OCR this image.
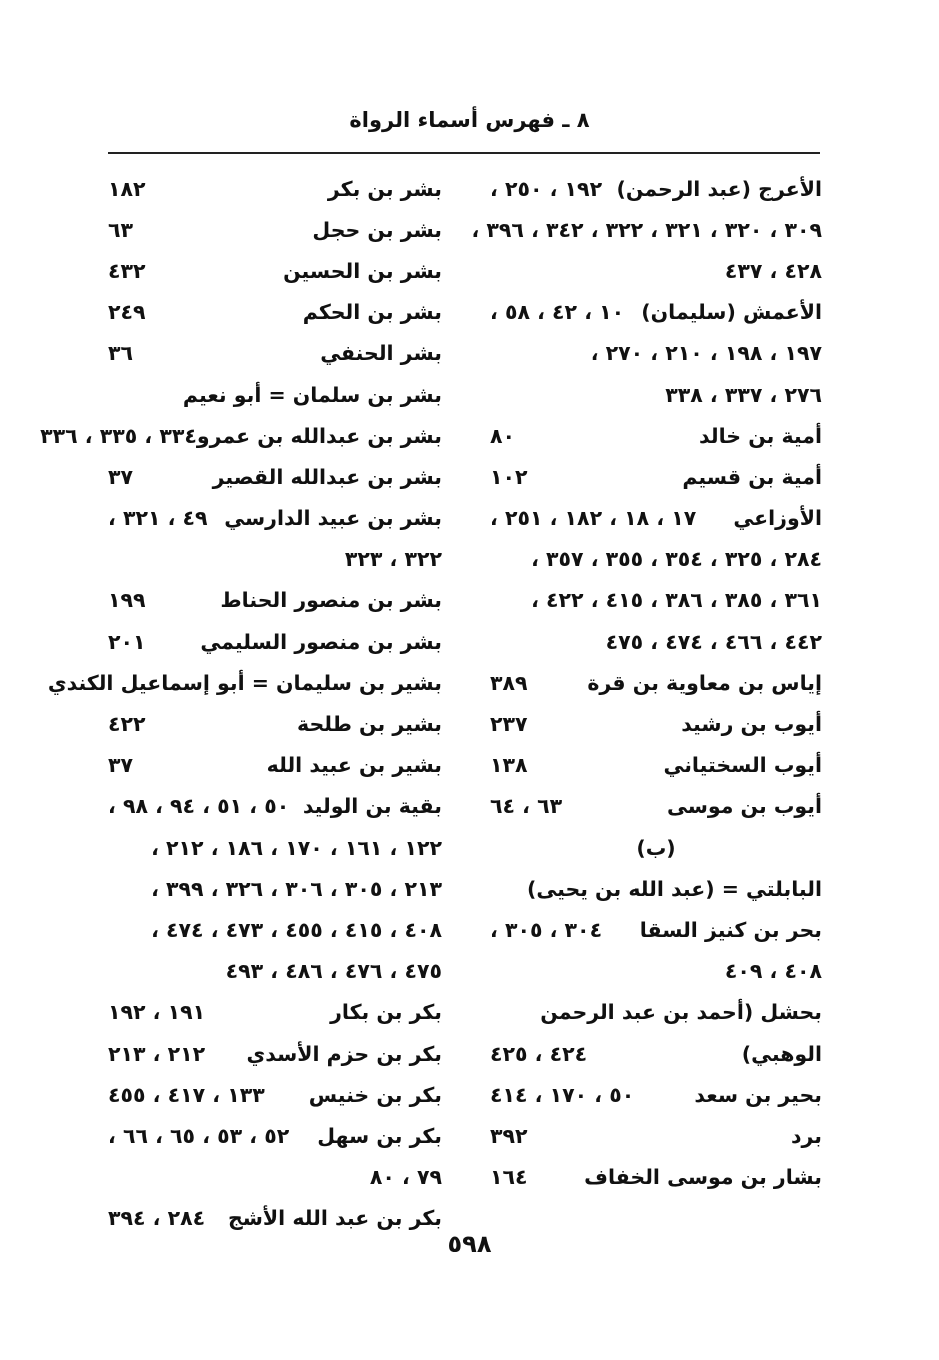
٨ ـ فهرس أسماء الرواة
الأعرج (عبد الرحمن)
١٩٢ ، ٢٥٠ ،
٣٠٩ ، ٣٢٠ ، ٣٢١ ، ٣٢٢ ، ٣٤٢ ، ٣٩٦ ،
٤٢٨ ، ٤٣٧
الأعمش (سليمان)
١٠ ، ٤٢ ، ٥٨ ،
١٩٧ ، ١٩٨ ، ٢١٠ ، ٢٧٠ ،
٢٧٦ ، ٣٣٧ ، ٣٣٨
أمية بن خالد
٨٠
أمية بن قسيم
١٠٢
الأوزاعي
١٧ ، ١٨ ، ١٨٢ ، ٢٥١ ،
٢٨٤ ، ٣٢٥ ، ٣٥٤ ، ٣٥٥ ، ٣٥٧ ،
٣٦١ ، ٣٨٥ ، ٣٨٦ ، ٤١٥ ، ٤٢٢ ،
٤٤٢ ، ٤٦٦ ، ٤٧٤ ، ٤٧٥
إياس بن معاوية بن قرة
٣٨٩
أيوب بن رشيد
٢٣٧
أيوب السختياني
١٣٨
أيوب بن موسى
٦٣ ، ٦٤
(ب)
البابلتي = (عبد الله بن يحيى)
بحر بن كنيز السقا
٣٠٤ ، ٣٠٥ ،
٤٠٨ ، ٤٠٩
بحشل (أحمد بن عبد الرحمن
الوهبي)
٤٢٤ ، ٤٢٥
بحير بن سعد
٥٠ ، ١٧٠ ، ٤١٤
برد
٣٩٢
بشار بن موسى الخفاف
١٦٤
بشر بن بكر
١٨٢
بشر بن حجل
٦٣
بشر بن الحسين
٤٣٢
بشر بن الحكم
٢٤٩
بشر الحنفي
٣٦
بشر بن سلمان = أبو نعيم
بشر بن عبدالله بن عمرو
٣٣٤ ، ٣٣٥ ، ٣٣٦
بشر بن عبدالله القصير
٣٧
بشر بن عبيد الدارسي
٤٩ ، ٣٢١ ،
٣٢٢ ، ٣٢٣
بشر بن منصور الحناط
١٩٩
بشر بن منصور السليمي
٢٠١
بشير بن سليمان = أبو إسماعيل الكندي
بشير بن طلحة
٤٢٢
بشير بن عبيد الله
٣٧
بقية بن الوليد
٥٠ ، ٥١ ، ٩٤ ، ٩٨ ،
١٢٢ ، ١٦١ ، ١٧٠ ، ١٨٦ ، ٢١٢ ،
٢١٣ ، ٣٠٥ ، ٣٠٦ ، ٣٢٦ ، ٣٩٩ ،
٤٠٨ ، ٤١٥ ، ٤٥٥ ، ٤٧٣ ، ٤٧٤ ،
٤٧٥ ، ٤٧٦ ، ٤٨٦ ، ٤٩٣
بكر بن بكار
١٩١ ، ١٩٢
بكر بن حزم الأسدي
٢١٢ ، ٢١٣
بكر بن خنيس
١٣٣ ، ٤١٧ ، ٤٥٥
بكر بن سهل
٥٢ ، ٥٣ ، ٦٥ ، ٦٦ ،
٧٩ ، ٨٠
بكر بن عبد الله الأشج
٢٨٤ ، ٣٩٤
٥٩٨
